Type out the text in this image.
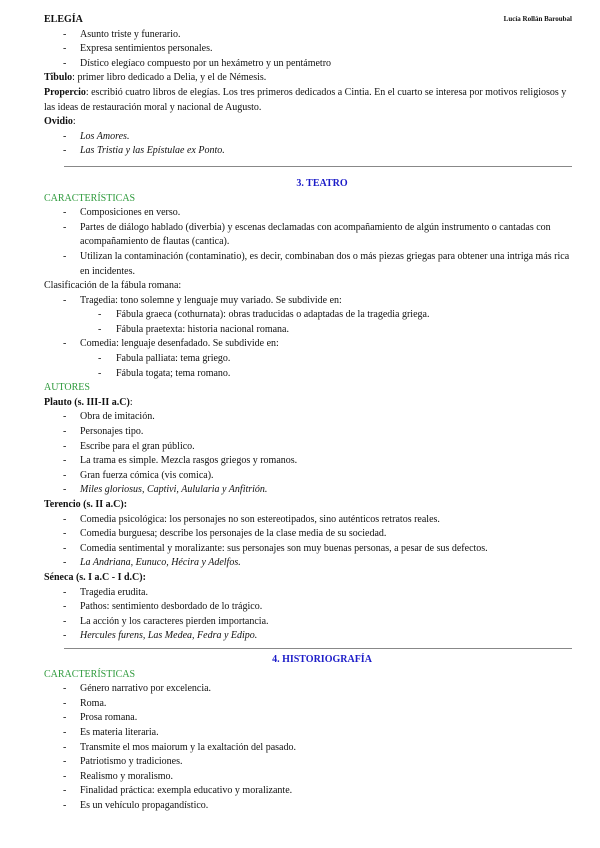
Lucía Rollán Baroubal
ELEGÍA
- Asunto triste y funerario.
- Expresa sentimientos personales.
- Dístico elegíaco compuesto por un hexámetro y un pentámetro
Tibulo: primer libro dedicado a Delia, y el de Némesis.
Propercio: escribió cuatro libros de elegías. Los tres primeros dedicados a Cintia. En el cuarto se interesa por motivos religiosos y las ideas de restauración moral y nacional de Augusto.
Ovidio:
- Los Amores.
- Las Tristia y las Epístulae ex Ponto.
3. TEATRO
CARACTERÍSTICAS
- Composiciones en verso.
- Partes de diálogo hablado (diverbia) y escenas declamadas con acompañamiento de algún instrumento o cantadas con acompañamiento de flautas (cantica).
- Utilizan la contaminación (contaminatio), es decir, combinaban dos o más piezas griegas para obtener una intriga más rica en incidentes.
Clasificación de la fábula romana:
- Tragedia: tono solemne y lenguaje muy variado. Se subdivide en:
- Fábula graeca (cothurnata): obras traducidas o adaptadas de la tragedia griega.
- Fábula praetexta: historia nacional romana.
- Comedia: lenguaje desenfadado. Se subdivide en:
- Fabula palliata: tema griego.
- Fábula togata; tema romano.
AUTORES
Plauto (s. III-II a.C):
- Obra de imitación.
- Personajes tipo.
- Escribe para el gran público.
- La trama es simple. Mezcla rasgos griegos y romanos.
- Gran fuerza cómica (vis comica).
- Miles gloriosus, Captivi, Aulularia y Anfitrión.
Terencio (s. II a.C):
- Comedia psicológica: los personajes no son estereotipados, sino auténticos retratos reales.
- Comedia burguesa; describe los personajes de la clase media de su sociedad.
- Comedia sentimental y moralizante: sus personajes son muy buenas personas, a pesar de sus defectos.
- La Andriana, Eunuco, Hécira y Adelfos.
Séneca (s. I a.C - I d.C):
- Tragedia erudita.
- Pathos: sentimiento desbordado de lo trágico.
- La acción y los caracteres pierden importancia.
- Hercules furens, Las Medea, Fedra y Edipo.
4. HISTORIOGRAFÍA
CARACTERÍSTICAS
- Género narrativo por excelencia.
- Roma.
- Prosa romana.
- Es materia literaria.
- Transmite el mos maiorum y la exaltación del pasado.
- Patriotismo y tradiciones.
- Realismo y moralismo.
- Finalidad práctica: exempla educativo y moralizante.
- Es un vehículo propagandístico.
